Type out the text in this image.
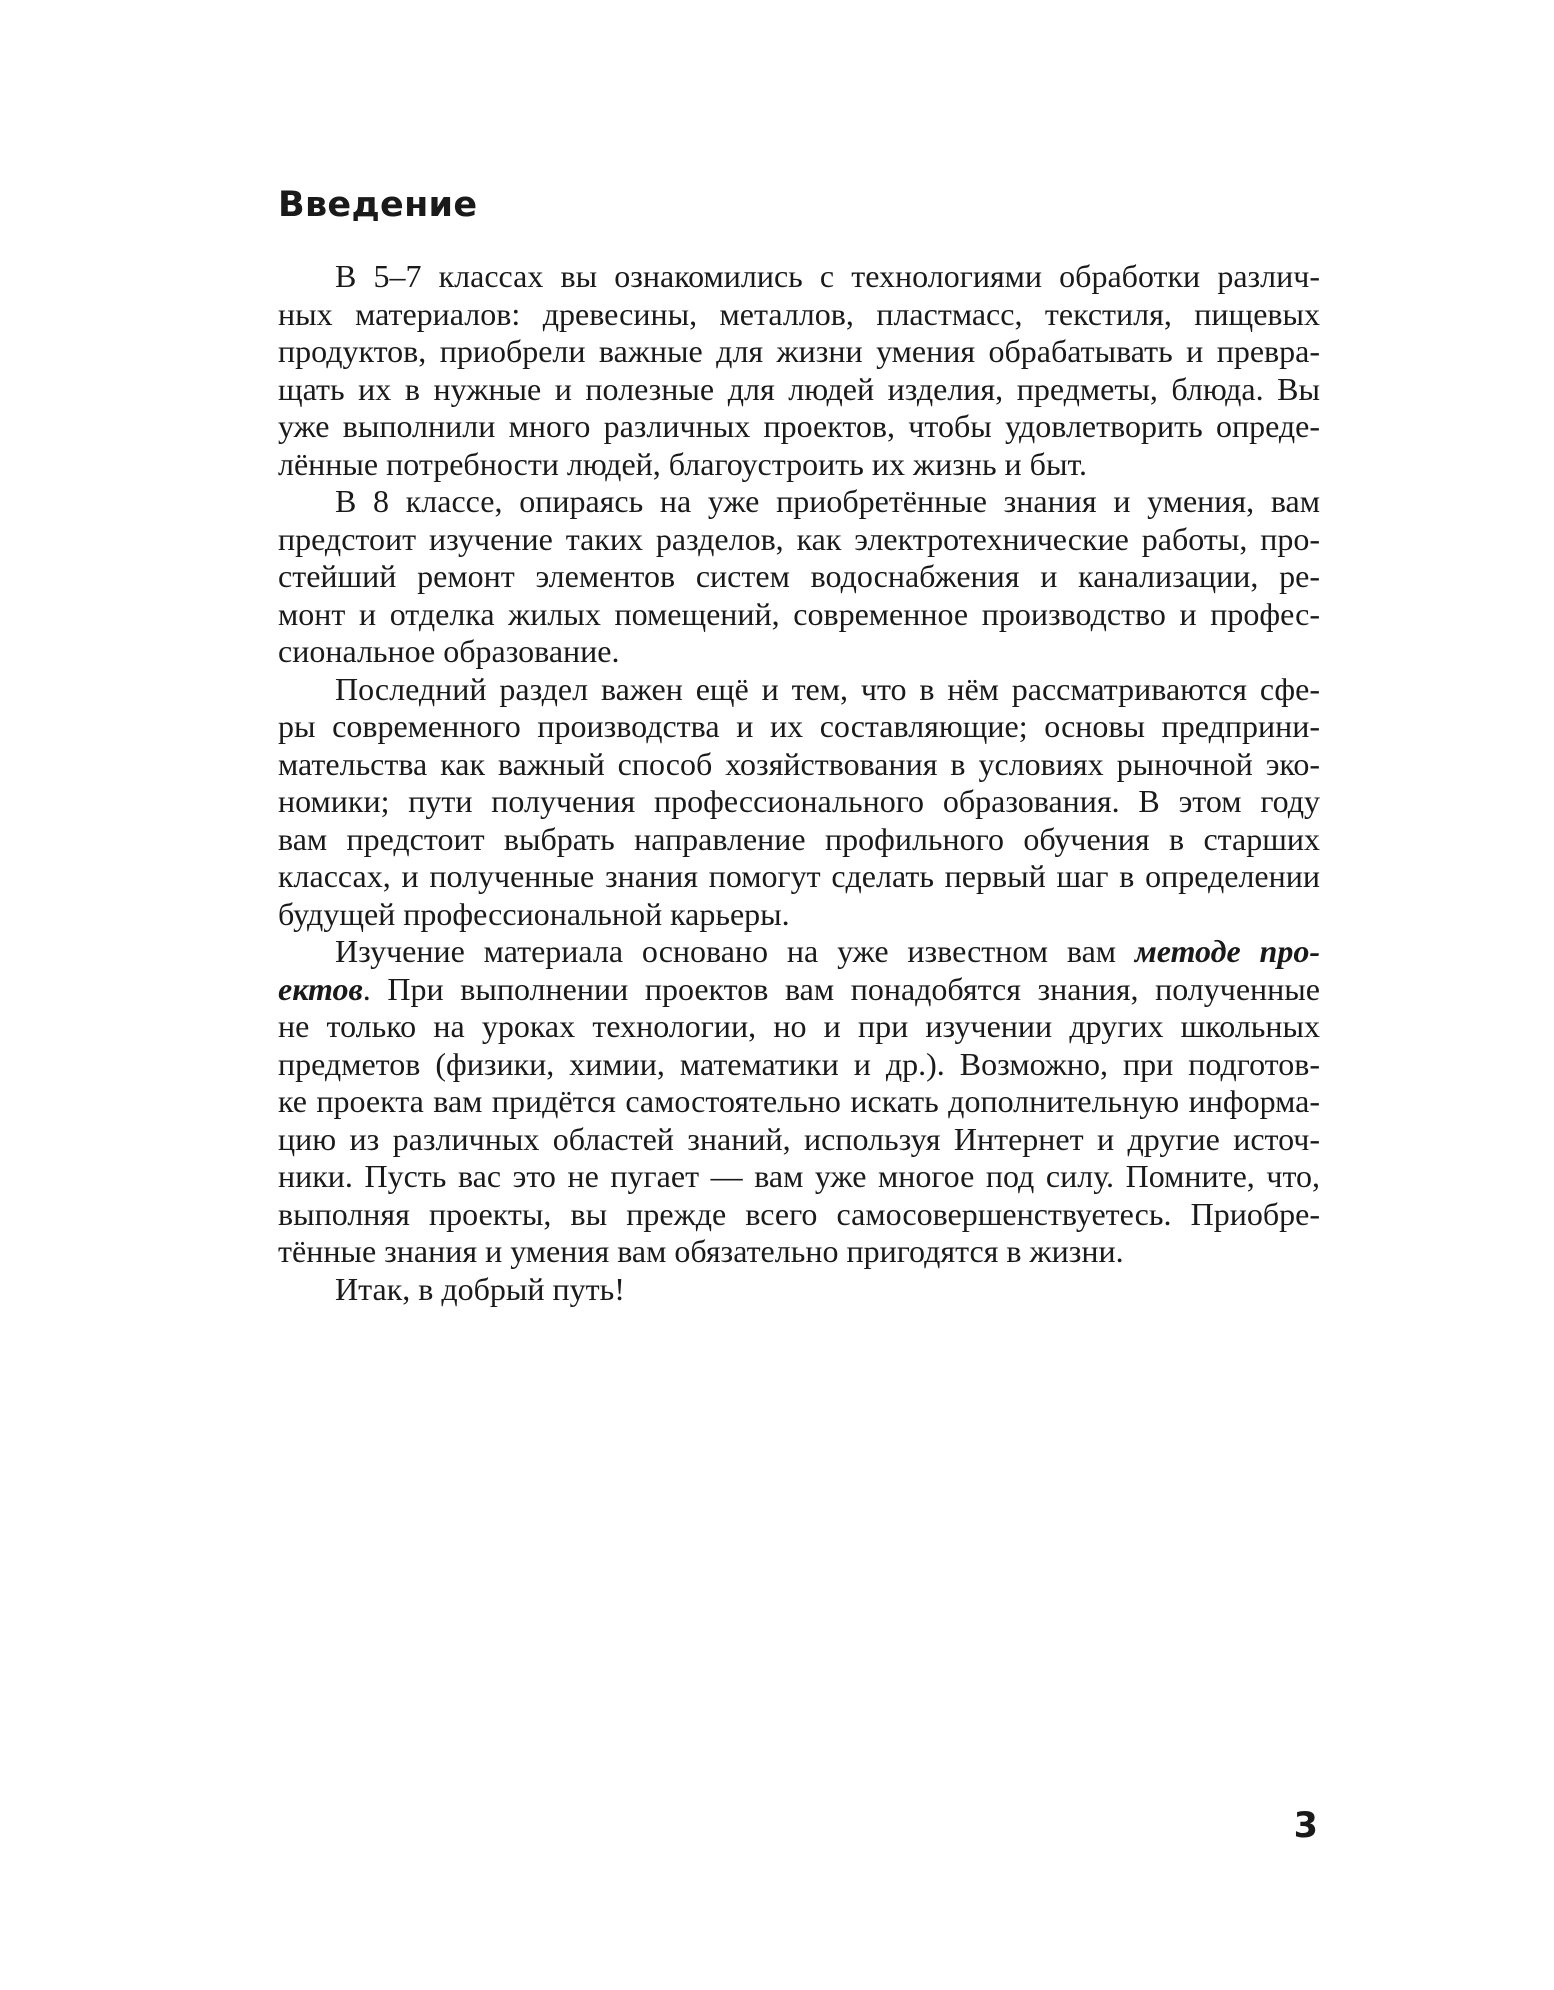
Введение
В 5–7 классах вы ознакомились с технологиями обработки различ-
ных материалов: древесины, металлов, пластмасс, текстиля, пищевых
продуктов, приобрели важные для жизни умения обрабатывать и превра-
щать их в нужные и полезные для людей изделия, предметы, блюда. Вы
уже выполнили много различных проектов, чтобы удовлетворить опреде-
лённые потребности людей, благоустроить их жизнь и быт.
В 8 классе, опираясь на уже приобретённые знания и умения, вам
предстоит изучение таких разделов, как электротехнические работы, про-
стейший ремонт элементов систем водоснабжения и канализации, ре-
монт и отделка жилых помещений, современное производство и профес-
сиональное образование.
Последний раздел важен ещё и тем, что в нём рассматриваются сфе-
ры современного производства и их составляющие; основы предприни-
мательства как важный способ хозяйствования в условиях рыночной эко-
номики; пути получения профессионального образования. В этом году
вам предстоит выбрать направление профильного обучения в старших
классах, и полученные знания помогут сделать первый шаг в определении
будущей профессиональной карьеры.
Изучение материала основано на уже известном вам методе про-
ектов. При выполнении проектов вам понадобятся знания, полученные
не только на уроках технологии, но и при изучении других школьных
предметов (физики, химии, математики и др.). Возможно, при подготов-
ке проекта вам придётся самостоятельно искать дополнительную информа-
цию из различных областей знаний, используя Интернет и другие источ-
ники. Пусть вас это не пугает — вам уже многое под силу. Помните, что,
выполняя проекты, вы прежде всего самосовершенствуетесь. Приобре-
тённые знания и умения вам обязательно пригодятся в жизни.
Итак, в добрый путь!
3
